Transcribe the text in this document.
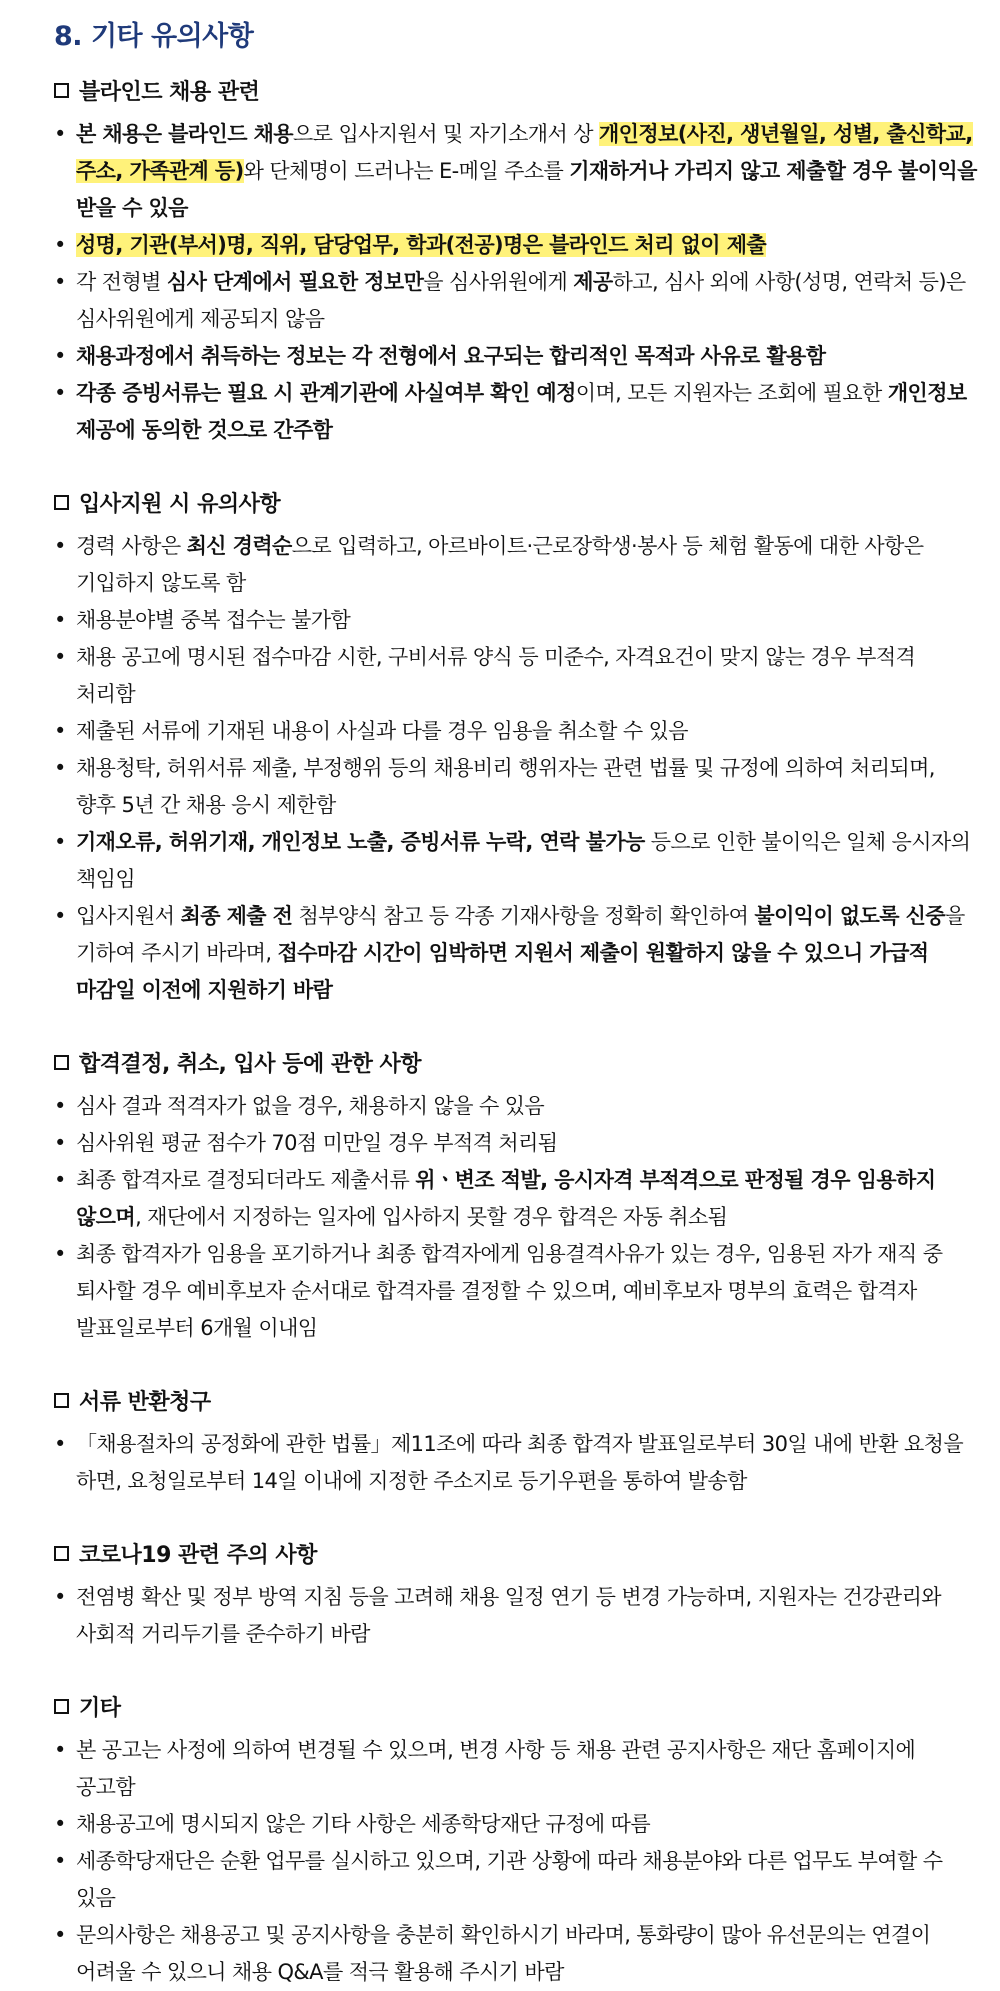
8. 기타 유의사항
블라인드 채용 관련
• 본 채용은 블라인드 채용으로 입사지원서 및 자기소개서 상 개인정보(사진, 생년월일, 성별, 출신학교, 주소, 가족관계 등)와 단체명이 드러나는 E-메일 주소를 기재하거나 가리지 않고 제출할 경우 불이익을 받을 수 있음
• 성명, 기관(부서)명, 직위, 담당업무, 학과(전공)명은 블라인드 처리 없이 제출
• 각 전형별 심사 단계에서 필요한 정보만을 심사위원에게 제공하고, 심사 외에 사항(성명, 연락처 등)은 심사위원에게 제공되지 않음
• 채용과정에서 취득하는 정보는 각 전형에서 요구되는 합리적인 목적과 사유로 활용함
• 각종 증빙서류는 필요 시 관계기관에 사실여부 확인 예정이며, 모든 지원자는 조회에 필요한 개인정보 제공에 동의한 것으로 간주함
입사지원 시 유의사항
• 경력 사항은 최신 경력순으로 입력하고, 아르바이트·근로장학생·봉사 등 체험 활동에 대한 사항은 기입하지 않도록 함
• 채용분야별 중복 접수는 불가함
• 채용 공고에 명시된 접수마감 시한, 구비서류 양식 등 미준수, 자격요건이 맞지 않는 경우 부적격 처리함
• 제출된 서류에 기재된 내용이 사실과 다를 경우 임용을 취소할 수 있음
• 채용청탁, 허위서류 제출, 부정행위 등의 채용비리 행위자는 관련 법률 및 규정에 의하여 처리되며, 향후 5년 간 채용 응시 제한함
• 기재오류, 허위기재, 개인정보 노출, 증빙서류 누락, 연락 불가능 등으로 인한 불이익은 일체 응시자의 책임임
• 입사지원서 최종 제출 전 첨부양식 참고 등 각종 기재사항을 정확히 확인하여 불이익이 없도록 신중을 기하여 주시기 바라며, 접수마감 시간이 임박하면 지원서 제출이 원활하지 않을 수 있으니 가급적 마감일 이전에 지원하기 바람
합격결정, 취소, 입사 등에 관한 사항
• 심사 결과 적격자가 없을 경우, 채용하지 않을 수 있음
• 심사위원 평균 점수가 70점 미만일 경우 부적격 처리됨
• 최종 합격자로 결정되더라도 제출서류 위ㆍ변조 적발, 응시자격 부적격으로 판정될 경우 임용하지 않으며, 재단에서 지정하는 일자에 입사하지 못할 경우 합격은 자동 취소됨
• 최종 합격자가 임용을 포기하거나 최종 합격자에게 임용결격사유가 있는 경우, 임용된 자가 재직 중 퇴사할 경우 예비후보자 순서대로 합격자를 결정할 수 있으며, 예비후보자 명부의 효력은 합격자 발표일로부터 6개월 이내임
서류 반환청구
• 「채용절차의 공정화에 관한 법률」제11조에 따라 최종 합격자 발표일로부터 30일 내에 반환 요청을 하면, 요청일로부터 14일 이내에 지정한 주소지로 등기우편을 통하여 발송함
코로나19 관련 주의 사항
• 전염병 확산 및 정부 방역 지침 등을 고려해 채용 일정 연기 등 변경 가능하며, 지원자는 건강관리와 사회적 거리두기를 준수하기 바람
기타
• 본 공고는 사정에 의하여 변경될 수 있으며, 변경 사항 등 채용 관련 공지사항은 재단 홈페이지에 공고함
• 채용공고에 명시되지 않은 기타 사항은 세종학당재단 규정에 따름
• 세종학당재단은 순환 업무를 실시하고 있으며, 기관 상황에 따라 채용분야와 다른 업무도 부여할 수 있음
• 문의사항은 채용공고 및 공지사항을 충분히 확인하시기 바라며, 통화량이 많아 유선문의는 연결이 어려울 수 있으니 채용 Q&A를 적극 활용해 주시기 바람
